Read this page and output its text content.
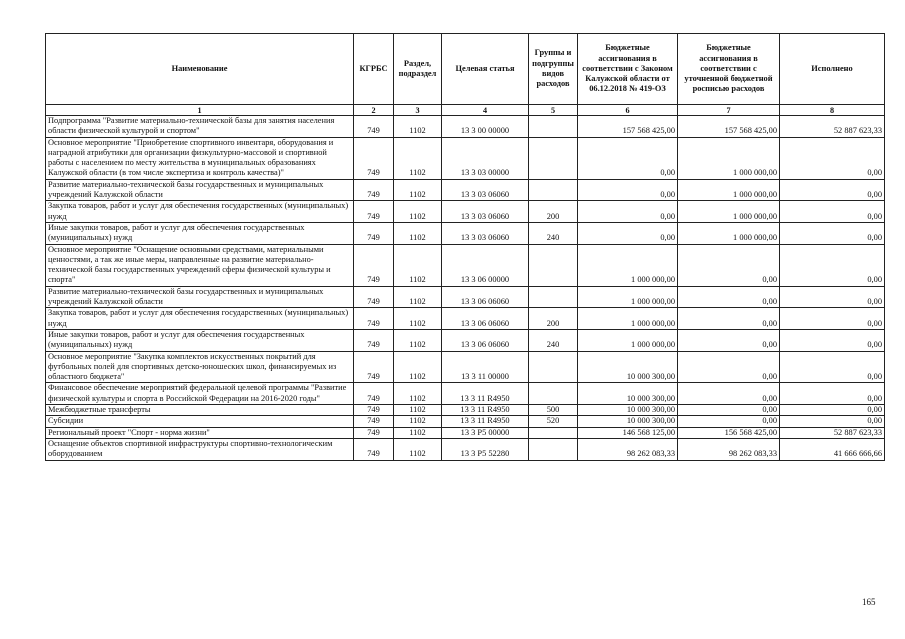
Наименование	КГРБС	Раздел, подраздел	Целевая статья	Группы и подгруппы видов расходов	Бюджетные ассигнования в соответствии с Законом Калужской области от 06.12.2018 № 419-ОЗ	Бюджетные ассигнования в соответствии с уточненной бюджетной росписью расходов	Исполнено
1	2	3	4	5	6	7	8
Подпрограмма "Развитие материально-технической базы для занятия населения области физической культурой и спортом"	749	1102	13 3 00 00000		157 568 425,00	157 568 425,00	52 887 623,33
Основное мероприятие "Приобретение спортивного инвентаря, оборудования и наградной атрибутики для организации физкультурно-массовой и спортивной работы с населением по месту жительства в муниципальных образованиях Калужской области (в том числе экспертиза и контроль качества)"	749	1102	13 3 03 00000		0,00	1 000 000,00	0,00
Развитие материально-технической базы государственных и муниципальных учреждений Калужской области	749	1102	13 3 03 06060		0,00	1 000 000,00	0,00
Закупка товаров, работ и услуг для обеспечения государственных (муниципальных) нужд	749	1102	13 3 03 06060	200	0,00	1 000 000,00	0,00
Иные закупки товаров, работ и услуг для обеспечения государственных (муниципальных) нужд	749	1102	13 3 03 06060	240	0,00	1 000 000,00	0,00
Основное мероприятие "Оснащение основными средствами, материальными ценностями, а так же иные меры, направленные на развитие материально-технической базы государственных учреждений сферы физической культуры и спорта"	749	1102	13 3 06 00000		1 000 000,00	0,00	0,00
Развитие материально-технической базы государственных и муниципальных учреждений Калужской области	749	1102	13 3 06 06060		1 000 000,00	0,00	0,00
Закупка товаров, работ и услуг для обеспечения государственных (муниципальных) нужд	749	1102	13 3 06 06060	200	1 000 000,00	0,00	0,00
Иные закупки товаров, работ и услуг для обеспечения государственных (муниципальных) нужд	749	1102	13 3 06 06060	240	1 000 000,00	0,00	0,00
Основное мероприятие "Закупка комплектов искусственных покрытий для футбольных полей для спортивных детско-юношеских школ, финансируемых из областного бюджета"	749	1102	13 3 11 00000		10 000 300,00	0,00	0,00
Финансовое обеспечение мероприятий федеральной целевой программы "Развитие физической культуры и спорта в Российской Федерации на 2016-2020 годы"	749	1102	13 3 11 R4950		10 000 300,00	0,00	0,00
Межбюджетные трансферты	749	1102	13 3 11 R4950	500	10 000 300,00	0,00	0,00
Субсидии	749	1102	13 3 11 R4950	520	10 000 300,00	0,00	0,00
Региональный проект "Спорт - норма жизни"	749	1102	13 3 P5 00000		146 568 125,00	156 568 425,00	52 887 623,33
Оснащение объектов спортивной инфраструктуры спортивно-технологическим оборудованием	749	1102	13 3 P5 52280		98 262 083,33	98 262 083,33	41 666 666,66
165
